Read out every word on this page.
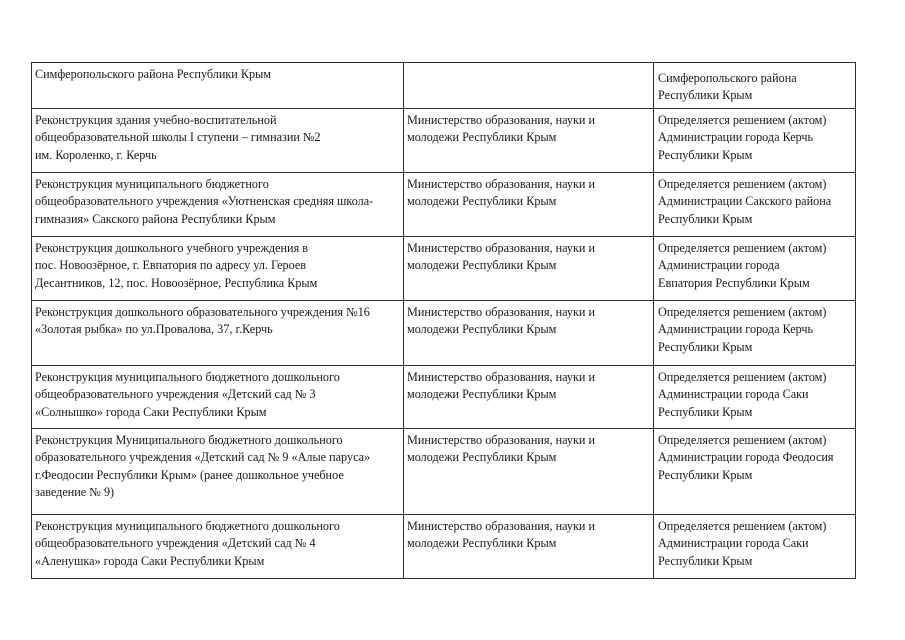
Симферопольского района Республики Крым		Симферопольского района
Республики Крым

Реконструкция здания учебно-воспитательной
общеобразовательной школы I ступени – гимназии №2
им. Короленко, г. Керчь	Министерство образования, науки и
молодежи Республики Крым	Определяется решением (актом)
Администрации города Керчь
Республики Крым

Реконструкция муниципального бюджетного
общеобразовательного учреждения «Уютненская средняя школа-
гимназия» Сакского района Республики Крым	Министерство образования, науки и
молодежи Республики Крым	Определяется решением (актом)
Администрации Сакского района
Республики Крым

Реконструкция дошкольного учебного учреждения в
пос. Новоозёрное, г. Евпатория по адресу ул. Героев
Десантников, 12, пос. Новоозёрное, Республика Крым	Министерство образования, науки и
молодежи Республики Крым	Определяется решением (актом)
Администрации города
Евпатория Республики Крым

Реконструкция дошкольного образовательного учреждения №16
«Золотая рыбка» по ул.Провалова, 37, г.Керчь	Министерство образования, науки и
молодежи Республики Крым	Определяется решением (актом)
Администрации города Керчь
Республики Крым

Реконструкция муниципального бюджетного дошкольного
общеобразовательного учреждения «Детский сад № 3
«Солнышко» города Саки Республики Крым	Министерство образования, науки и
молодежи Республики Крым	Определяется решением (актом)
Администрации города Саки
Республики Крым

Реконструкция Муниципального бюджетного дошкольного
образовательного учреждения «Детский сад № 9 «Алые паруса»
г.Феодосии Республики Крым» (ранее дошкольное учебное
заведение № 9)	Министерство образования, науки и
молодежи Республики Крым	Определяется решением (актом)
Администрации города Феодосия
Республики Крым

Реконструкция муниципального бюджетного дошкольного
общеобразовательного учреждения «Детский сад № 4
«Аленушка» города Саки Республики Крым	Министерство образования, науки и
молодежи Республики Крым	Определяется решением (актом)
Администрации города Саки
Республики Крым
